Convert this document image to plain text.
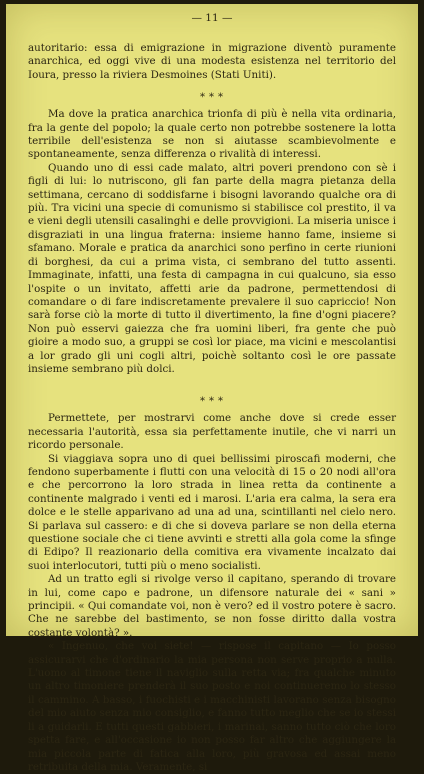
— 11 —

autoritario: essa di emigrazione in migrazione diventò puramente anarchica, ed oggi vive di una modesta esistenza nel territorio del Ioura, presso la riviera Desmoines (Stati Uniti).

* * *

Ma dove la pratica anarchica trionfa di più è nella vita ordinaria, fra la gente del popolo; la quale certo non potrebbe sostenere la lotta terribile dell'esistenza se non si aiutasse scambievolmente e spontaneamente, senza differenza o rivalità di interessi.

Quando uno di essi cade malato, altri poveri prendono con sè i figli di lui: lo nutriscono, gli fan parte della magra pietanza della settimana, cercano di soddisfarne i bisogni lavorando qualche ora di più. Tra vicini una specie di comunismo si stabilisce col prestito, il va e vieni degli utensili casalinghi e delle provvigioni. La miseria unisce i disgraziati in una lingua fraterna: insieme hanno fame, insieme si sfamano. Morale e pratica da anarchici sono perfino in certe riunioni di borghesi, da cui a prima vista, ci sembrano del tutto assenti. Immaginate, infatti, una festa di campagna in cui qualcuno, sia esso l'ospite o un invitato, affetti arie da padrone, permettendosi di comandare o di fare indiscretamente prevalere il suo capriccio! Non sarà forse ciò la morte di tutto il divertimento, la fine d'ogni piacere? Non può esservi gaiezza che fra uomini liberi, fra gente che può gioire a modo suo, a gruppi se così lor piace, ma vicini e mescolantisi a lor grado gli uni cogli altri, poichè soltanto così le ore passate insieme sembrano più dolci.

* * *

Permettete, per mostrarvi come anche dove si crede esser necessaria l'autorità, essa sia perfettamente inutile, che vi narri un ricordo personale.

Si viaggiava sopra uno di quei bellissimi piroscafi moderni, che fendono superbamente i flutti con una velocità di 15 o 20 nodi all'ora e che percorrono la loro strada in linea retta da continente a continente malgrado i venti ed i marosi. L'aria era calma, la sera era dolce e le stelle apparivano ad una ad una, scintillanti nel cielo nero. Si parlava sul cassero: e di che si doveva parlare se non della eterna questione sociale che ci tiene avvinti e stretti alla gola come la sfinge di Edipo? Il reazionario della comitiva era vivamente incalzato dai suoi interlocutori, tutti più o meno socialisti.

Ad un tratto egli si rivolge verso il capitano, sperando di trovare in lui, come capo e padrone, un difensore naturale dei « sani » principii. « Qui comandate voi, non è vero? ed il vostro potere è sacro. Che ne sarebbe del bastimento, se non fosse diritto dalla vostra costante volontà? ».

« Ingenuo, che voi siete! — rispose il capitano — Io posso assicurarvi che d'ordinario la mia persona non serve proprio a nulla. L'uomo al timone tiene il naviglio sulla retta via; fra qualche minuto un altro timoniere prenderà il suo posto e noi continueremo lo stesso il cammino. A basso, i fuochisti e i macchinisti lavorano senza bisogno del mio aiuto senza mio consiglio, e fanno tutto meglio che se io stessi li a guidarli. E tutti questi gabbieri, i marinai, sanno tutto ciò che loro spetta fare, e all'occasione io non posso far altro che aggiungere la mia piccola parte di fatica alla loro, più gravosa ed assai meno retribuita della mia. Veramente, si
